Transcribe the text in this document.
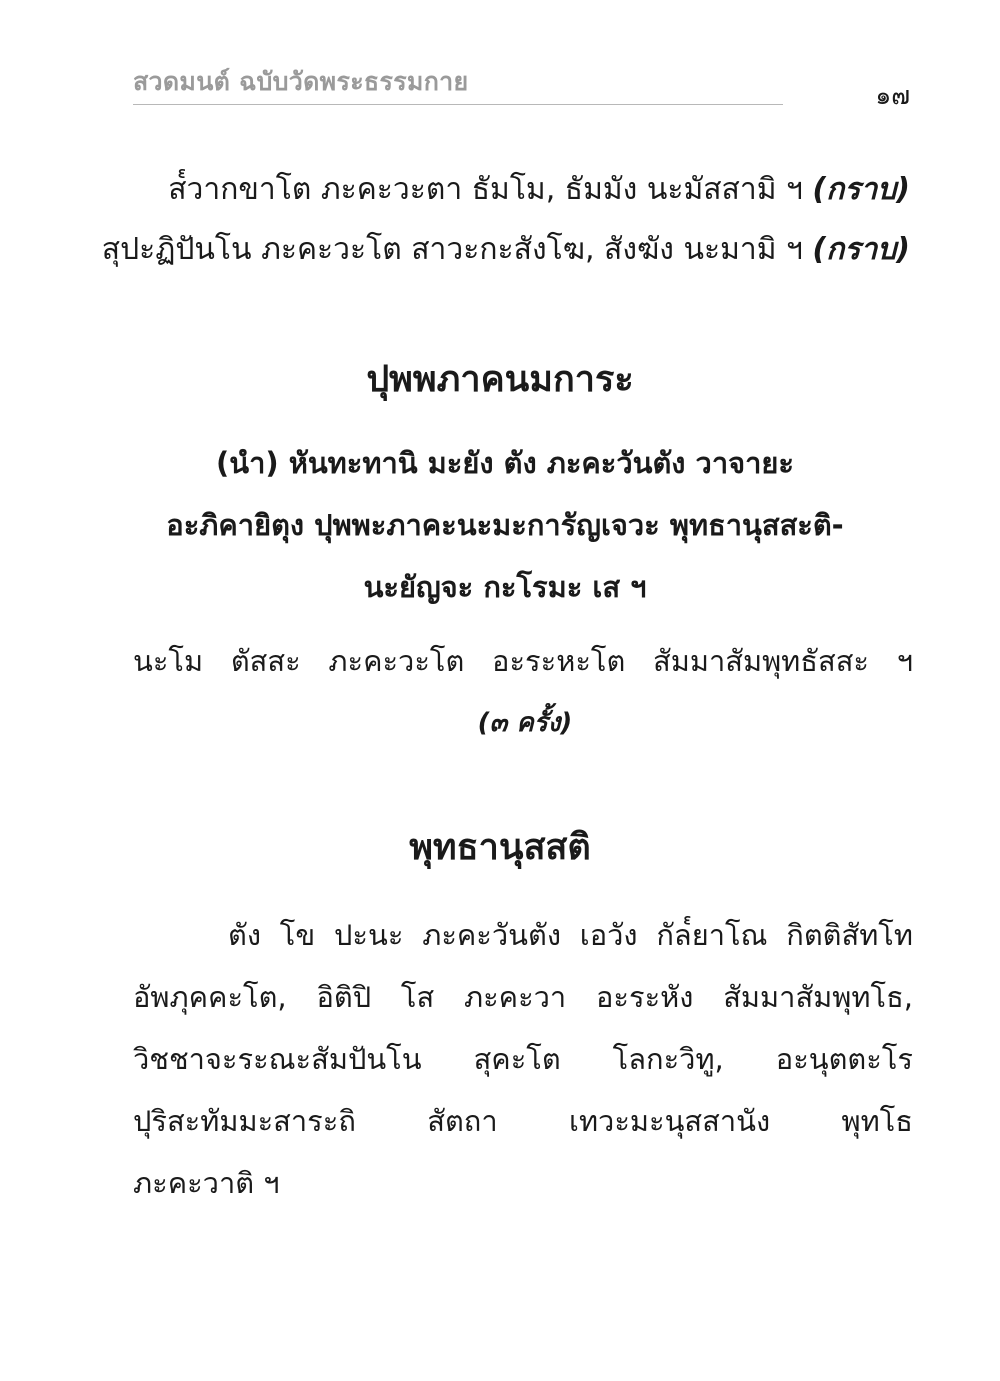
สวดมนต์ ฉบับวัดพระธรรมกาย	๑๗
ส๎วากขาโต ภะคะวะตา ธัมโม, ธัมมัง นะมัสสามิ ฯ (กราบ)
สุปะฏิปันโน ภะคะวะโต สาวะกะสังโฆ, สังฆัง นะมามิ ฯ (กราบ)
ปุพพภาคนมการะ
(นำ) หันทะทานิ มะยัง ตัง ภะคะวันตัง วาจายะ
อะภิคายิตุง ปุพพะภาคะนะมะการัญเจวะ พุทธานุสสะติ-
นะยัญจะ กะโรมะ เส ฯ
นะโม ตัสสะ ภะคะวะโต อะระหะโต สัมมาสัมพุทธัสสะ ฯ
(๓ ครั้ง)
พุทธานุสสติ
ตัง โข ปะนะ ภะคะวันตัง เอวัง กัล๎ยาโณ กิตติสัทโท
อัพภุคคะโต, อิติปิ โส ภะคะวา อะระหัง สัมมาสัมพุทโธ,
วิชชาจะระณะสัมปันโน สุคะโต โลกะวิทู, อะนุตตะโร
ปุริสะทัมมะสาระถิ สัตถา เทวะมะนุสสานัง พุทโธ
ภะคะวาติ ฯ
